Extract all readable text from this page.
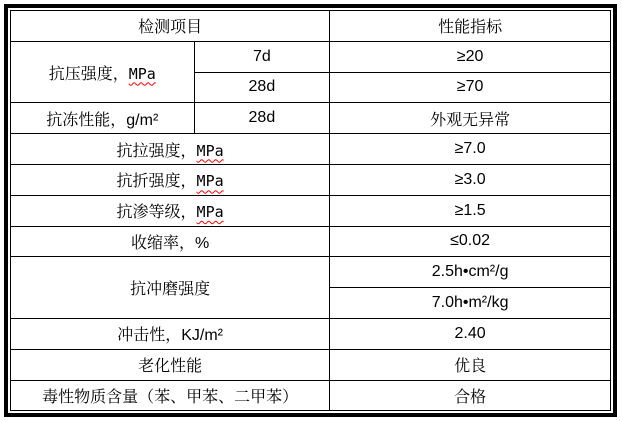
检测项目		性能指标
抗压强度，MPa	7d	≥20
	28d	≥70
抗冻性能，g/m²	28d	外观无异常
抗拉强度，MPa		≥7.0
抗折强度，MPa		≥3.0
抗渗等级，MPa		≥1.5
收缩率，%		≤0.02
抗冲磨强度		2.5h•cm²/g
		7.0h•m²/kg
冲击性，KJ/m²		2.40
老化性能		优良
毒性物质含量（苯、甲苯、二甲苯）		合格
